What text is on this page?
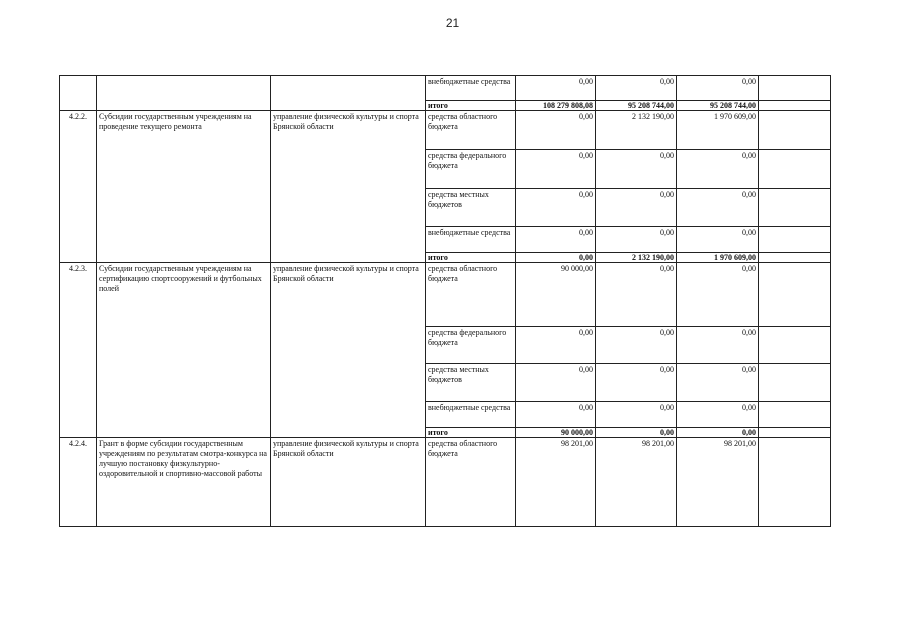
21
			внебюджетные средства	0,00	0,00	0,00	
			итого	108 279 808,08	95 208 744,00	95 208 744,00	
4.2.2.	Субсидии государственным учреждениям на проведение текущего ремонта	управление физической культуры и спорта Брянской области	средства областного бюджета	0,00	2 132 190,00	1 970 609,00	
			средства федерального бюджета	0,00	0,00	0,00	
			средства местных бюджетов	0,00	0,00	0,00	
			внебюджетные средства	0,00	0,00	0,00	
			итого	0,00	2 132 190,00	1 970 609,00	
4.2.3.	Субсидии государственным учреждениям на сертификацию спортсооружений и футбольных полей	управление физической культуры и спорта Брянской области	средства областного бюджета	90 000,00	0,00	0,00	
			средства федерального бюджета	0,00	0,00	0,00	
			средства местных бюджетов	0,00	0,00	0,00	
			внебюджетные средства	0,00	0,00	0,00	
			итого	90 000,00	0,00	0,00	
4.2.4.	Грант в форме субсидии государственным учреждениям по результатам смотра-конкурса на лучшую постановку физкультурно-оздоровительной и спортивно-массовой работы	управление физической культуры и спорта Брянской области	средства областного бюджета	98 201,00	98 201,00	98 201,00	
